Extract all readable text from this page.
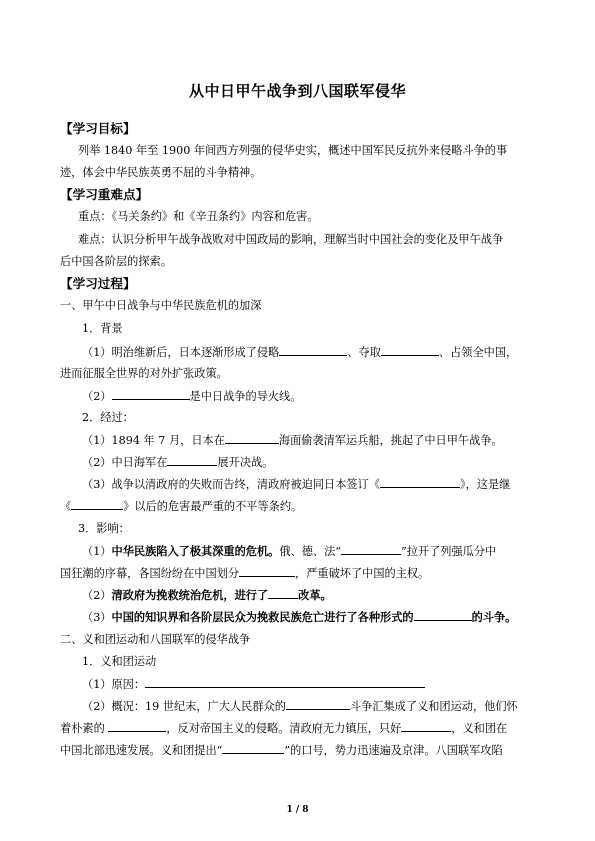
从中日甲午战争到八国联军侵华
【学习目标】
列举 1840 年至 1900 年间西方列强的侵华史实，概述中国军民反抗外来侵略斗争的事
迹，体会中华民族英勇不屈的斗争精神。
【学习重难点】
重点：《马关条约》和《辛丑条约》内容和危害。
难点：认识分析甲午战争战败对中国政局的影响，理解当时中国社会的变化及甲午战争
后中国各阶层的探索。
【学习过程】
一、甲午中日战争与中华民族危机的加深
1．背景
（1）明治维新后，日本逐渐形成了侵略	、夺取	、占领全中国，
进而征服全世界的对外扩张政策。
（2）	是中日战争的导火线。
2．经过：
（1）1894 年 7 月，日本在	海面偷袭清军运兵船，挑起了中日甲午战争。
（2）中日海军在	展开决战。
（3）战争以清政府的失败而告终，清政府被迫同日本签订《	》，这是继
《	》以后的危害最严重的不平等条约。
3．影响：
（1）中华民族陷入了极其深重的危机。俄、德、法“	”拉开了列强瓜分中
国狂潮的序幕，各国纷纷在中国划分	，严重破坏了中国的主权。
（2）清政府为挽救统治危机，进行了	改革。
（3）中国的知识界和各阶层民众为挽救民族危亡进行了各种形式的	的斗争。
二、义和团运动和八国联军的侵华战争
1．义和团运动
（1）原因：
（2）概况：19 世纪末，广大人民群众的	斗争汇集成了义和团运动，他们怀
着朴素的	，反对帝国主义的侵略。清政府无力镇压，只好	，义和团在
中国北部迅速发展。义和团提出“	”的口号，势力迅速遍及京津。八国联军攻陷
1 / 8
